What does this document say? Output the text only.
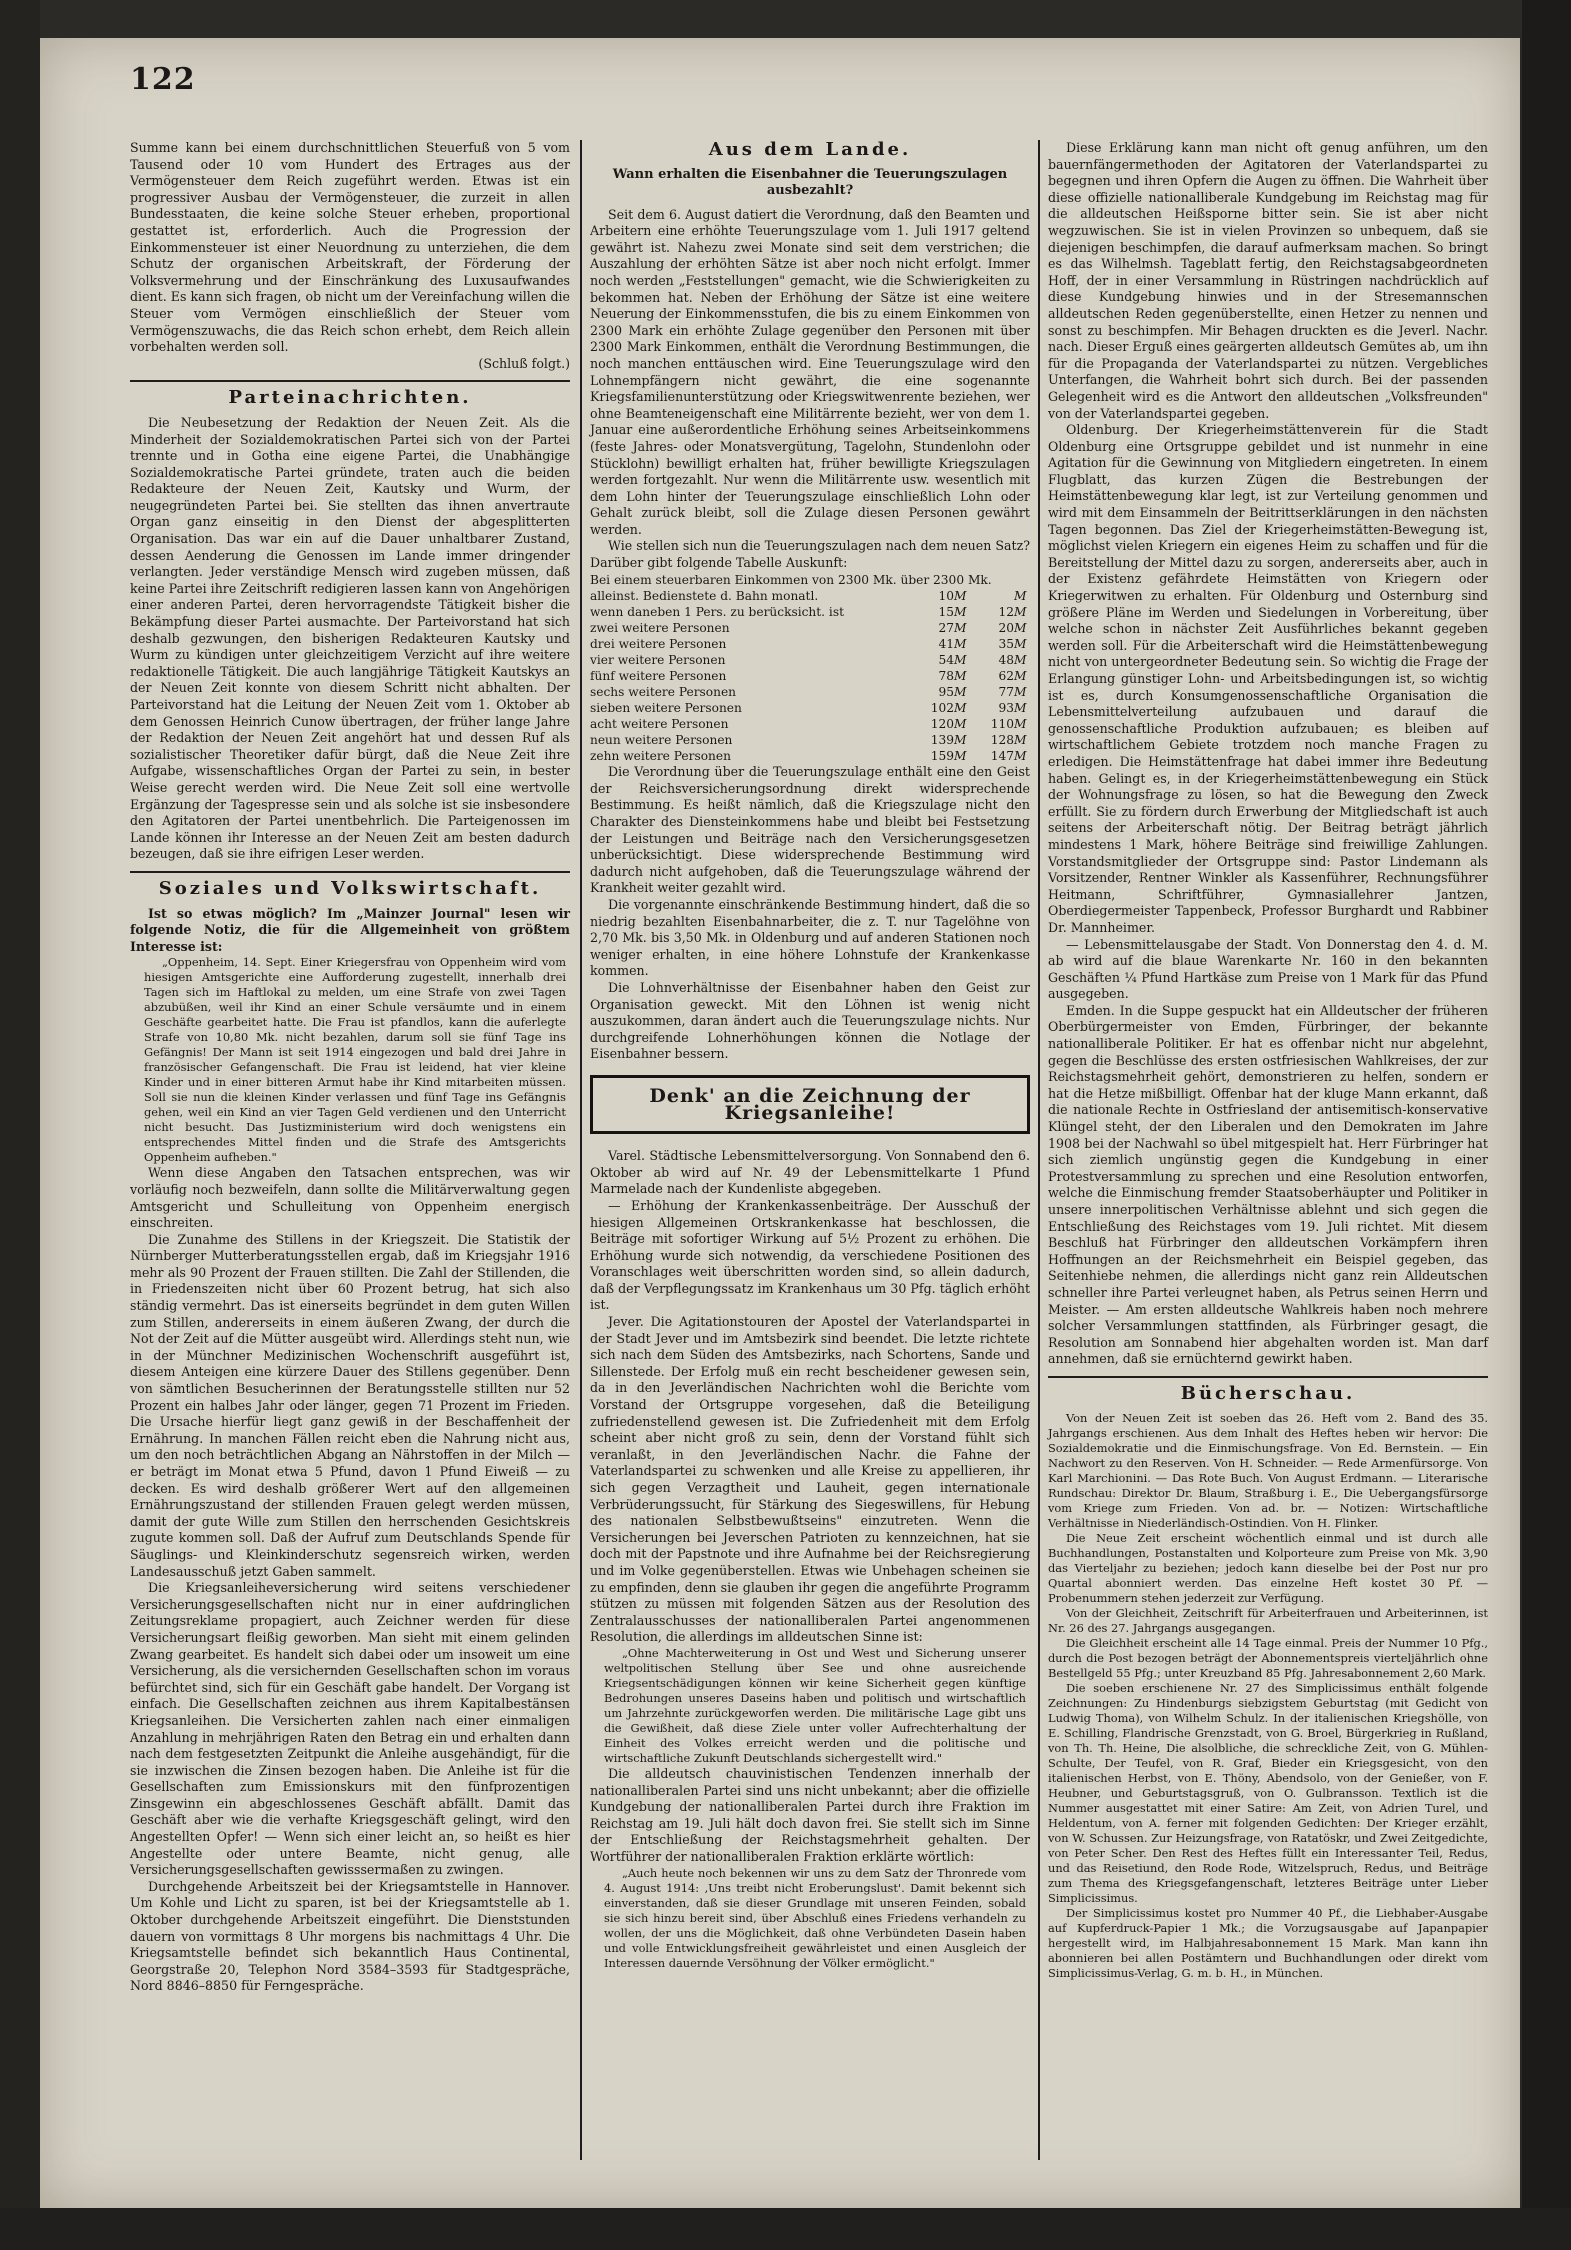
122

Summe kann bei einem durchschnittlichen Steuerfuß von 5 vom Tausend oder 10 vom Hundert des Ertrages aus der Vermögensteuer dem Reich zugeführt werden. Etwas ist ein progressiver Ausbau der Vermögensteuer, die zurzeit in allen Bundesstaaten, die keine solche Steuer erheben, proportional gestattet ist, erforderlich. Auch die Progression der Einkommensteuer ist einer Neuordnung zu unterziehen, die dem Schutz der organischen Arbeitskraft, der Förderung der Volksvermehrung und der Einschränkung des Luxusaufwandes dient. Es kann sich fragen, ob nicht um der Vereinfachung willen die Steuer vom Vermögen einschließlich der Steuer vom Vermögenszuwachs, die das Reich schon erhebt, dem Reich allein vorbehalten werden soll.

(Schluß folgt.)
Parteinachrichten.

Die Neubesetzung der Redaktion der Neuen Zeit. Als die Minderheit der Sozialdemokratischen Partei sich von der Partei trennte und in Gotha eine eigene Partei, die Unabhängige Sozialdemokratische Partei gründete, traten auch die beiden Redakteure der Neuen Zeit, Kautsky und Wurm, der neugegründeten Partei bei. Sie stellten das ihnen anvertraute Organ ganz einseitig in den Dienst der abgesplitterten Organisation. Das war ein auf die Dauer unhaltbarer Zustand, dessen Aenderung die Genossen im Lande immer dringender verlangten. Jeder verständige Mensch wird zugeben müssen, daß keine Partei ihre Zeitschrift redigieren lassen kann von Angehörigen einer anderen Partei, deren hervorragendste Tätigkeit bisher die Bekämpfung dieser Partei ausmachte. Der Parteivorstand hat sich deshalb gezwungen, den bisherigen Redakteuren Kautsky und Wurm zu kündigen unter gleichzeitigem Verzicht auf ihre weitere redaktionelle Tätigkeit. Die auch langjährige Tätigkeit Kautskys an der Neuen Zeit konnte von diesem Schritt nicht abhalten. Der Parteivorstand hat die Leitung der Neuen Zeit vom 1. Oktober ab dem Genossen Heinrich Cunow übertragen, der früher lange Jahre der Redaktion der Neuen Zeit angehört hat und dessen Ruf als sozialistischer Theoretiker dafür bürgt, daß die Neue Zeit ihre Aufgabe, wissenschaftliches Organ der Partei zu sein, in bester Weise gerecht werden wird. Die Neue Zeit soll eine wertvolle Ergänzung der Tagespresse sein und als solche ist sie insbesondere den Agitatoren der Partei unentbehrlich. Die Parteigenossen im Lande können ihr Interesse an der Neuen Zeit am besten dadurch bezeugen, daß sie ihre eifrigen Leser werden.

Soziales und Volkswirtschaft.

Ist so etwas möglich? Im „Mainzer Journal" lesen wir folgende Notiz, die für die Allgemeinheit von größtem Interesse ist:

„Oppenheim, 14. Sept. Einer Kriegersfrau von Oppenheim wird vom hiesigen Amtsgerichte eine Aufforderung zugestellt, innerhalb drei Tagen sich im Haftlokal zu melden, um eine Strafe von zwei Tagen abzubüßen, weil ihr Kind an einer Schule versäumte und in einem Geschäfte gearbeitet hatte. Die Frau ist pfandlos, kann die auferlegte Strafe von 10,80 Mk. nicht bezahlen, darum soll sie fünf Tage ins Gefängnis! Der Mann ist seit 1914 eingezogen und bald drei Jahre in französischer Gefangenschaft. Die Frau ist leidend, hat vier kleine Kinder und in einer bitteren Armut habe ihr Kind mitarbeiten müssen. Soll sie nun die kleinen Kinder verlassen und fünf Tage ins Gefängnis gehen, weil ein Kind an vier Tagen Geld verdienen und den Unterricht nicht besucht. Das Justizministerium wird doch wenigstens ein entsprechendes Mittel finden und die Strafe des Amtsgerichts Oppenheim aufheben."

Wenn diese Angaben den Tatsachen entsprechen, was wir vorläufig noch bezweifeln, dann sollte die Militärverwaltung gegen Amtsgericht und Schulleitung von Oppenheim energisch einschreiten.

Die Zunahme des Stillens in der Kriegszeit. Die Statistik der Nürnberger Mutterberatungsstellen ergab, daß im Kriegsjahr 1916 mehr als 90 Prozent der Frauen stillten. Die Zahl der Stillenden, die in Friedenszeiten nicht über 60 Prozent betrug, hat sich also ständig vermehrt. Das ist einerseits begründet in dem guten Willen zum Stillen, andererseits in einem äußeren Zwang, der durch die Not der Zeit auf die Mütter ausgeübt wird. Allerdings steht nun, wie in der Münchner Medizinischen Wochenschrift ausgeführt ist, diesem Anteigen eine kürzere Dauer des Stillens gegenüber. Denn von sämtlichen Besucherinnen der Beratungsstelle stillten nur 52 Prozent ein halbes Jahr oder länger, gegen 71 Prozent im Frieden. Die Ursache hierfür liegt ganz gewiß in der Beschaffenheit der Ernährung. In manchen Fällen reicht eben die Nahrung nicht aus, um den noch beträchtlichen Abgang an Nährstoffen in der Milch — er beträgt im Monat etwa 5 Pfund, davon 1 Pfund Eiweiß — zu decken. Es wird deshalb größerer Wert auf den allgemeinen Ernährungszustand der stillenden Frauen gelegt werden müssen, damit der gute Wille zum Stillen den herrschenden Gesichtskreis zugute kommen soll. Daß der Aufruf zum Deutschlands Spende für Säuglings- und Kleinkinderschutz segensreich wirken, werden Landesausschuß jetzt Gaben sammelt.

Die Kriegsanleiheversicherung wird seitens verschiedener Versicherungsgesellschaften nicht nur in einer aufdringlichen Zeitungsreklame propagiert, auch Zeichner werden für diese Versicherungsart fleißig geworben. Man sieht mit einem gelinden Zwang gearbeitet. Es handelt sich dabei oder um insoweit um eine Versicherung, als die versichernden Gesellschaften schon im voraus befürchtet sind, sich für ein Geschäft gabe handelt. Der Vorgang ist einfach. Die Gesellschaften zeichnen aus ihrem Kapitalbestänsen Kriegsanleihen. Die Versicherten zahlen nach einer einmaligen Anzahlung in mehrjährigen Raten den Betrag ein und erhalten dann nach dem festgesetzten Zeitpunkt die Anleihe ausgehändigt, für die sie inzwischen die Zinsen bezogen haben. Die Anleihe ist für die Gesellschaften zum Emissionskurs mit den fünfprozentigen Zinsgewinn ein abgeschlossenes Geschäft abfällt. Damit das Geschäft aber wie die verhafte Kriegsgeschäft gelingt, wird den Angestellten Opfer! — Wenn sich einer leicht an, so heißt es hier Angestellte oder untere Beamte, nicht genug, alle Versicherungsgesellschaften gewisssermaßen zu zwingen.

Durchgehende Arbeitszeit bei der Kriegsamtstelle in Hannover. Um Kohle und Licht zu sparen, ist bei der Kriegsamtstelle ab 1. Oktober durchgehende Arbeitszeit eingeführt. Die Dienststunden dauern von vormittags 8 Uhr morgens bis nachmittags 4 Uhr. Die Kriegsamtstelle befindet sich bekanntlich Haus Continental, Georgstraße 20, Telephon Nord 3584–3593 für Stadtgespräche, Nord 8846–8850 für Ferngespräche.

Aus dem Lande.
Wann erhalten die Eisenbahner die Teuerungszulagen ausbezahlt?

Seit dem 6. August datiert die Verordnung, daß den Beamten und Arbeitern eine erhöhte Teuerungszulage vom 1. Juli 1917 geltend gewährt ist. Nahezu zwei Monate sind seit dem verstrichen; die Auszahlung der erhöhten Sätze ist aber noch nicht erfolgt. Immer noch werden „Feststellungen" gemacht, wie die Schwierigkeiten zu bekommen hat. Neben der Erhöhung der Sätze ist eine weitere Neuerung der Einkommensstufen, die bis zu einem Einkommen von 2300 Mark ein erhöhte Zulage gegenüber den Personen mit über 2300 Mark Einkommen, enthält die Verordnung Bestimmungen, die noch manchen enttäuschen wird. Eine Teuerungszulage wird den Lohnempfängern nicht gewährt, die eine sogenannte Kriegsfamilienunterstützung oder Kriegswitwenrente beziehen, wer ohne Beamteneigenschaft eine Militärrente bezieht, wer von dem 1. Januar eine außerordentliche Erhöhung seines Arbeitseinkommens (feste Jahres- oder Monatsvergütung, Tagelohn, Stundenlohn oder Stücklohn) bewilligt erhalten hat, früher bewilligte Kriegszulagen werden fortgezahlt. Nur wenn die Militärrente usw. wesentlich mit dem Lohn hinter der Teuerungszulage einschließlich Lohn oder Gehalt zurück bleibt, soll die Zulage diesen Personen gewährt werden.

Wie stellen sich nun die Teuerungszulagen nach dem neuen Satz? Darüber gibt folgende Tabelle Auskunft:

Bei einem steuerbaren Einkommen von 2300 Mk. über 2300 Mk.
alleinst. Bedienstete d. Bahn monatl.	10	M		M
wenn daneben 1 Pers. zu berücksicht. ist	15	M	12	M
zwei weitere Personen	27	M	20	M
drei weitere Personen	41	M	35	M
vier weitere Personen	54	M	48	M
fünf weitere Personen	78	M	62	M
sechs weitere Personen	95	M	77	M
sieben weitere Personen	102	M	93	M
acht weitere Personen	120	M	110	M
neun weitere Personen	139	M	128	M
zehn weitere Personen	159	M	147	M

Die Verordnung über die Teuerungszulage enthält eine den Geist der Reichsversicherungsordnung direkt widersprechende Bestimmung. Es heißt nämlich, daß die Kriegszulage nicht den Charakter des Diensteinkommens habe und bleibt bei Festsetzung der Leistungen und Beiträge nach den Versicherungsgesetzen unberücksichtigt. Diese widersprechende Bestimmung wird dadurch nicht aufgehoben, daß die Teuerungszulage während der Krankheit weiter gezahlt wird.

Die vorgenannte einschränkende Bestimmung hindert, daß die so niedrig bezahlten Eisenbahnarbeiter, die z. T. nur Tagelöhne von 2,70 Mk. bis 3,50 Mk. in Oldenburg und auf anderen Stationen noch weniger erhalten, in eine höhere Lohnstufe der Krankenkasse kommen.

Die Lohnverhältnisse der Eisenbahner haben den Geist zur Organisation geweckt. Mit den Löhnen ist wenig nicht auszukommen, daran ändert auch die Teuerungszulage nichts. Nur durchgreifende Lohnerhöhungen können die Notlage der Eisenbahner bessern.

Denk' an die Zeichnung der Kriegsanleihe!

Varel. Städtische Lebensmittelversorgung. Von Sonnabend den 6. Oktober ab wird auf Nr. 49 der Lebensmittelkarte 1 Pfund Marmelade nach der Kundenliste abgegeben.

— Erhöhung der Krankenkassenbeiträge. Der Ausschuß der hiesigen Allgemeinen Ortskrankenkasse hat beschlossen, die Beiträge mit sofortiger Wirkung auf 5½ Prozent zu erhöhen. Die Erhöhung wurde sich notwendig, da verschiedene Positionen des Voranschlages weit überschritten worden sind, so allein dadurch, daß der Verpflegungssatz im Krankenhaus um 30 Pfg. täglich erhöht ist.

Jever. Die Agitationstouren der Apostel der Vaterlandspartei in der Stadt Jever und im Amtsbezirk sind beendet. Die letzte richtete sich nach dem Süden des Amtsbezirks, nach Schortens, Sande und Sillenstede. Der Erfolg muß ein recht bescheidener gewesen sein, da in den Jeverländischen Nachrichten wohl die Berichte vom Vorstand der Ortsgruppe vorgesehen, daß die Beteiligung zufriedenstellend gewesen ist. Die Zufriedenheit mit dem Erfolg scheint aber nicht groß zu sein, denn der Vorstand fühlt sich veranlaßt, in den Jeverländischen Nachr. die Fahne der Vaterlandspartei zu schwenken und alle Kreise zu appellieren, ihr sich gegen Verzagtheit und Lauheit, gegen internationale Verbrüderungssucht, für Stärkung des Siegeswillens, für Hebung des nationalen Selbstbewußtseins" einzutreten. Wenn die Versicherungen bei Jeverschen Patrioten zu kennzeichnen, hat sie doch mit der Papstnote und ihre Aufnahme bei der Reichsregierung und im Volke gegenüberstellen. Etwas wie Unbehagen scheinen sie zu empfinden, denn sie glauben ihr gegen die angeführte Programm stützen zu müssen mit folgenden Sätzen aus der Resolution des Zentralausschusses der nationalliberalen Partei angenommenen Resolution, die allerdings im alldeutschen Sinne ist:

„Ohne Machterweiterung in Ost und West und Sicherung unserer weltpolitischen Stellung über See und ohne ausreichende Kriegsentschädigungen können wir keine Sicherheit gegen künftige Bedrohungen unseres Daseins haben und politisch und wirtschaftlich um Jahrzehnte zurückgeworfen werden. Die militärische Lage gibt uns die Gewißheit, daß diese Ziele unter voller Aufrechterhaltung der Einheit des Volkes erreicht werden und die politische und wirtschaftliche Zukunft Deutschlands sichergestellt wird."

Die alldeutsch chauvinistischen Tendenzen innerhalb der nationalliberalen Partei sind uns nicht unbekannt; aber die offizielle Kundgebung der nationalliberalen Partei durch ihre Fraktion im Reichstag am 19. Juli hält doch davon frei. Sie stellt sich im Sinne der Entschließung der Reichstagsmehrheit gehalten. Der Wortführer der nationalliberalen Fraktion erklärte wörtlich:

„Auch heute noch bekennen wir uns zu dem Satz der Thronrede vom 4. August 1914: ‚Uns treibt nicht Eroberungslust'. Damit bekennt sich einverstanden, daß sie dieser Grundlage mit unseren Feinden, sobald sie sich hinzu bereit sind, über Abschluß eines Friedens verhandeln zu wollen, der uns die Möglichkeit, daß ohne Verbündeten Dasein haben und volle Entwicklungsfreiheit gewährleistet und einen Ausgleich der Interessen dauernde Versöhnung der Völker ermöglicht."

Diese Erklärung kann man nicht oft genug anführen, um den bauernfängermethoden der Agitatoren der Vaterlandspartei zu begegnen und ihren Opfern die Augen zu öffnen. Die Wahrheit über diese offizielle nationalliberale Kundgebung im Reichstag mag für die alldeutschen Heißsporne bitter sein. Sie ist aber nicht wegzuwischen. Sie ist in vielen Provinzen so unbequem, daß sie diejenigen beschimpfen, die darauf aufmerksam machen. So bringt es das Wilhelmsh. Tageblatt fertig, den Reichstagsabgeordneten Hoff, der in einer Versammlung in Rüstringen nachdrücklich auf diese Kundgebung hinwies und in der Stresemannschen alldeutschen Reden gegenüberstellte, einen Hetzer zu nennen und sonst zu beschimpfen. Mir Behagen druckten es die Jeverl. Nachr. nach. Dieser Erguß eines geärgerten alldeutsch Gemütes ab, um ihn für die Propaganda der Vaterlandspartei zu nützen. Vergebliches Unterfangen, die Wahrheit bohrt sich durch. Bei der passenden Gelegenheit wird es die Antwort den alldeutschen „Volksfreunden" von der Vaterlandspartei gegeben.

Oldenburg. Der Kriegerheimstättenverein für die Stadt Oldenburg eine Ortsgruppe gebildet und ist nunmehr in eine Agitation für die Gewinnung von Mitgliedern eingetreten. In einem Flugblatt, das kurzen Zügen die Bestrebungen der Heimstättenbewegung klar legt, ist zur Verteilung genommen und wird mit dem Einsammeln der Beitrittserklärungen in den nächsten Tagen begonnen. Das Ziel der Kriegerheimstätten-Bewegung ist, möglichst vielen Kriegern ein eigenes Heim zu schaffen und für die Bereitstellung der Mittel dazu zu sorgen, andererseits aber, auch in der Existenz gefährdete Heimstätten von Kriegern oder Kriegerwitwen zu erhalten. Für Oldenburg und Osternburg sind größere Pläne im Werden und Siedelungen in Vorbereitung, über welche schon in nächster Zeit Ausführliches bekannt gegeben werden soll. Für die Arbeiterschaft wird die Heimstättenbewegung nicht von untergeordneter Bedeutung sein. So wichtig die Frage der Erlangung günstiger Lohn- und Arbeitsbedingungen ist, so wichtig ist es, durch Konsumgenossenschaftliche Organisation die Lebensmittelverteilung aufzubauen und darauf die genossenschaftliche Produktion aufzubauen; es bleiben auf wirtschaftlichem Gebiete trotzdem noch manche Fragen zu erledigen. Die Heimstättenfrage hat dabei immer ihre Bedeutung haben. Gelingt es, in der Kriegerheimstättenbewegung ein Stück der Wohnungsfrage zu lösen, so hat die Bewegung den Zweck erfüllt. Sie zu fördern durch Erwerbung der Mitgliedschaft ist auch seitens der Arbeiterschaft nötig. Der Beitrag beträgt jährlich mindestens 1 Mark, höhere Beiträge sind freiwillige Zahlungen. Vorstandsmitglieder der Ortsgruppe sind: Pastor Lindemann als Vorsitzender, Rentner Winkler als Kassenführer, Rechnungsführer Heitmann, Schriftführer, Gymnasiallehrer Jantzen, Oberdiegermeister Tappenbeck, Professor Burghardt und Rabbiner Dr. Mannheimer.

— Lebensmittelausgabe der Stadt. Von Donnerstag den 4. d. M. ab wird auf die blaue Warenkarte Nr. 160 in den bekannten Geschäften ¼ Pfund Hartkäse zum Preise von 1 Mark für das Pfund ausgegeben.

Emden. In die Suppe gespuckt hat ein Alldeutscher der früheren Oberbürgermeister von Emden, Fürbringer, der bekannte nationalliberale Politiker. Er hat es offenbar nicht nur abgelehnt, gegen die Beschlüsse des ersten ostfriesischen Wahlkreises, der zur Reichstagsmehrheit gehört, demonstrieren zu helfen, sondern er hat die Hetze mißbilligt. Offenbar hat der kluge Mann erkannt, daß die nationale Rechte in Ostfriesland der antisemitisch-konservative Klüngel steht, der den Liberalen und den Demokraten im Jahre 1908 bei der Nachwahl so übel mitgespielt hat. Herr Fürbringer hat sich ziemlich ungünstig gegen die Kundgebung in einer Protestversammlung zu sprechen und eine Resolution entworfen, welche die Einmischung fremder Staatsoberhäupter und Politiker in unsere innerpolitischen Verhältnisse ablehnt und sich gegen die Entschließung des Reichstages vom 19. Juli richtet. Mit diesem Beschluß hat Fürbringer den alldeutschen Vorkämpfern ihren Hoffnungen an der Reichsmehrheit ein Beispiel gegeben, das Seitenhiebe nehmen, die allerdings nicht ganz rein Alldeutschen schneller ihre Partei verleugnet haben, als Petrus seinen Herrn und Meister. — Am ersten alldeutsche Wahlkreis haben noch mehrere solcher Versammlungen stattfinden, als Fürbringer gesagt, die Resolution am Sonnabend hier abgehalten worden ist. Man darf annehmen, daß sie ernüchternd gewirkt haben.

Bücherschau.

Von der Neuen Zeit ist soeben das 26. Heft vom 2. Band des 35. Jahrgangs erschienen. Aus dem Inhalt des Heftes heben wir hervor: Die Sozialdemokratie und die Einmischungsfrage. Von Ed. Bernstein. — Ein Nachwort zu den Reserven. Von H. Schneider. — Rede Armenfürsorge. Von Karl Marchionini. — Das Rote Buch. Von August Erdmann. — Literarische Rundschau: Direktor Dr. Blaum, Straßburg i. E., Die Uebergangsfürsorge vom Kriege zum Frieden. Von ad. br. — Notizen: Wirtschaftliche Verhältnisse in Niederländisch-Ostindien. Von H. Flinker.

Die Neue Zeit erscheint wöchentlich einmal und ist durch alle Buchhandlungen, Postanstalten und Kolporteure zum Preise von Mk. 3,90 das Vierteljahr zu beziehen; jedoch kann dieselbe bei der Post nur pro Quartal abonniert werden. Das einzelne Heft kostet 30 Pf. — Probenummern stehen jederzeit zur Verfügung.

Von der Gleichheit, Zeitschrift für Arbeiterfrauen und Arbeiterinnen, ist Nr. 26 des 27. Jahrgangs ausgegangen.

Die Gleichheit erscheint alle 14 Tage einmal. Preis der Nummer 10 Pfg., durch die Post bezogen beträgt der Abonnementspreis vierteljährlich ohne Bestellgeld 55 Pfg.; unter Kreuzband 85 Pfg. Jahresabonnement 2,60 Mark.

Die soeben erschienene Nr. 27 des Simplicissimus enthält folgende Zeichnungen: Zu Hindenburgs siebzigstem Geburtstag (mit Gedicht von Ludwig Thoma), von Wilhelm Schulz. In der italienischen Kriegshölle, von E. Schilling, Flandrische Grenzstadt, von G. Broel, Bürgerkrieg in Rußland, von Th. Th. Heine, Die alsolbliche, die schreckliche Zeit, von G. Mühlen-Schulte, Der Teufel, von R. Graf, Bieder ein Kriegsgesicht, von den italienischen Herbst, von E. Thöny, Abendsolo, von der Genießer, von F. Heubner, und Geburtstagsgruß, von O. Gulbransson. Textlich ist die Nummer ausgestattet mit einer Satire: Am Zeit, von Adrien Turel, und Heldentum, von A. ferner mit folgenden Gedichten: Der Krieger erzählt, von W. Schussen. Zur Heizungsfrage, von Ratatöskr, und Zwei Zeitgedichte, von Peter Scher. Den Rest des Heftes füllt ein Interessanter Teil, Redus, und das Reisetiund, den Rode Rode, Witzelspruch, Redus, und Beiträge zum Thema des Kriegsgefangenschaft, letzteres Beiträge unter Lieber Simplicissimus.

Der Simplicissimus kostet pro Nummer 40 Pf., die Liebhaber-Ausgabe auf Kupferdruck-Papier 1 Mk.; die Vorzugsausgabe auf Japanpapier hergestellt wird, im Halbjahresabonnement 15 Mark. Man kann ihn abonnieren bei allen Postämtern und Buchhandlungen oder direkt vom Simplicissimus-Verlag, G. m. b. H., in München.
